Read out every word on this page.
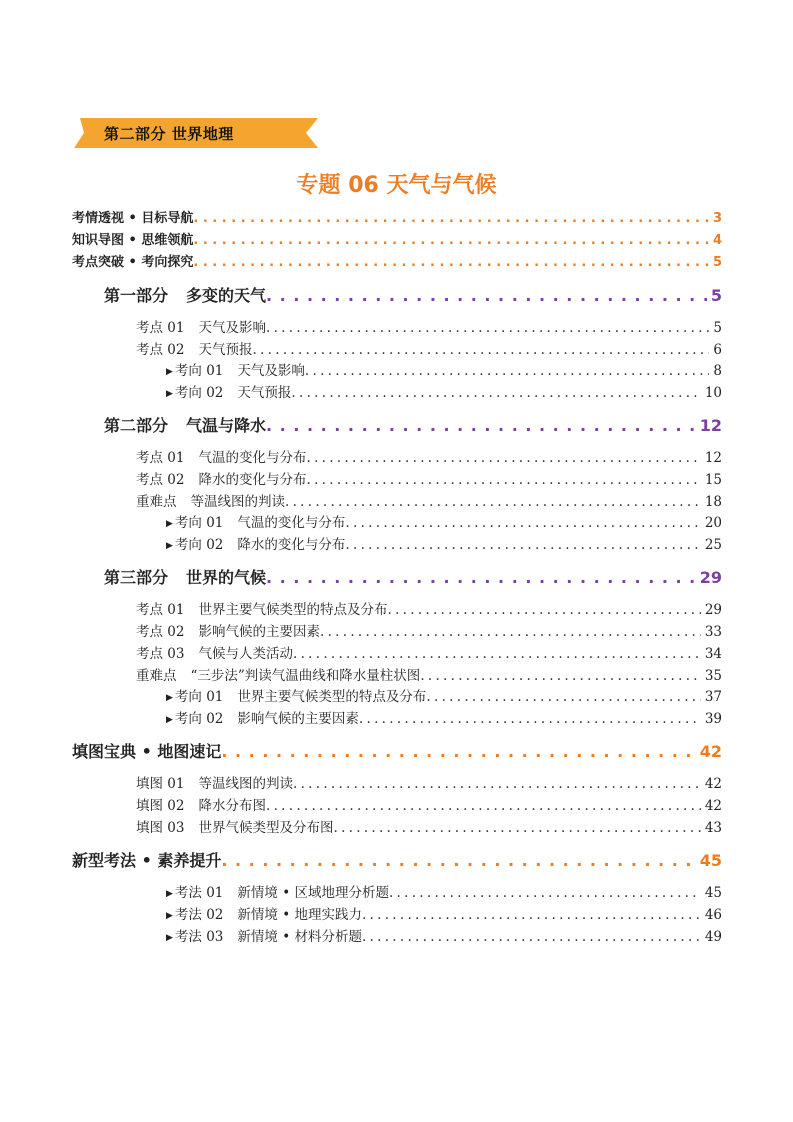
第二部分 世界地理
专题 06 天气与气候
考情透视 • 目标导航 . . .	3
知识导图 • 思维领航 . . .	4
考点突破 • 考向探究 . . .	5
第一部分 多变的天气 . . .	5
考点 01 天气及影响 . . .	5
考点 02 天气预报 . . .	6
▶ 考向 01 天气及影响 . . .	8
▶ 考向 02 天气预报 . . .	10
第二部分 气温与降水 . . .	12
考点 01 气温的变化与分布 . . .	12
考点 02 降水的变化与分布 . . .	15
重难点 等温线图的判读 . . .	18
▶ 考向 01 气温的变化与分布 . . .	20
▶ 考向 02 降水的变化与分布 . . .	25
第三部分 世界的气候 . . .	29
考点 01 世界主要气候类型的特点及分布 . . .	29
考点 02 影响气候的主要因素 . . .	33
考点 03 气候与人类活动 . . .	34
重难点 “三步法”判读气温曲线和降水量柱状图 . . .	35
▶ 考向 01 世界主要气候类型的特点及分布 . . .	37
▶ 考向 02 影响气候的主要因素 . . .	39
填图宝典 • 地图速记 . . .	42
填图 01 等温线图的判读 . . .	42
填图 02 降水分布图 . . .	42
填图 03 世界气候类型及分布图 . . .	43
新型考法 • 素养提升 . . .	45
▶ 考法 01 新情境 • 区域地理分析题 . . .	45
▶ 考法 02 新情境 • 地理实践力 . . .	46
▶ 考法 03 新情境 • 材料分析题 . . .	49
